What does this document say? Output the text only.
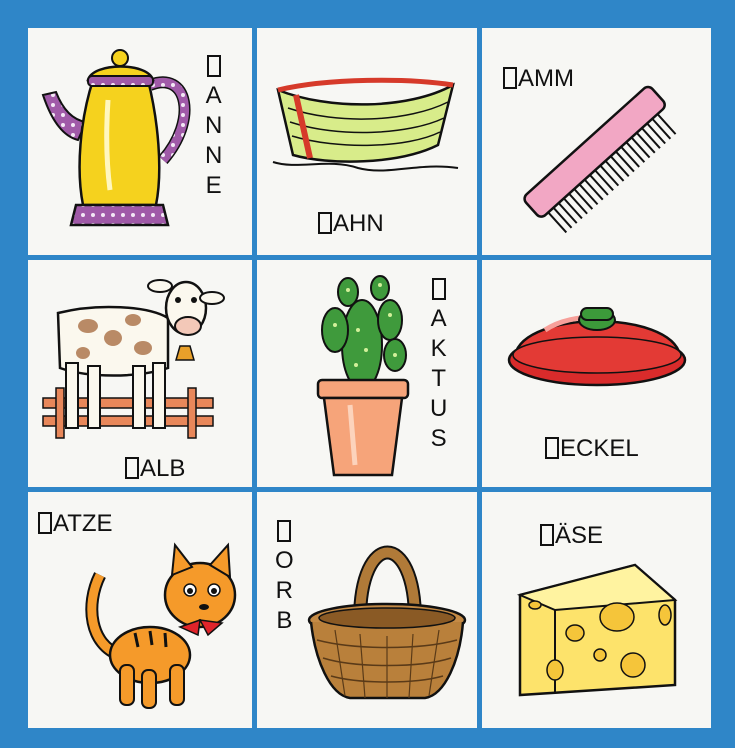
A
N
N
E
AHN
AMM
ALB
A
K
T
U
S	ECKEL
ATZE
O
R
B
ÄSE
